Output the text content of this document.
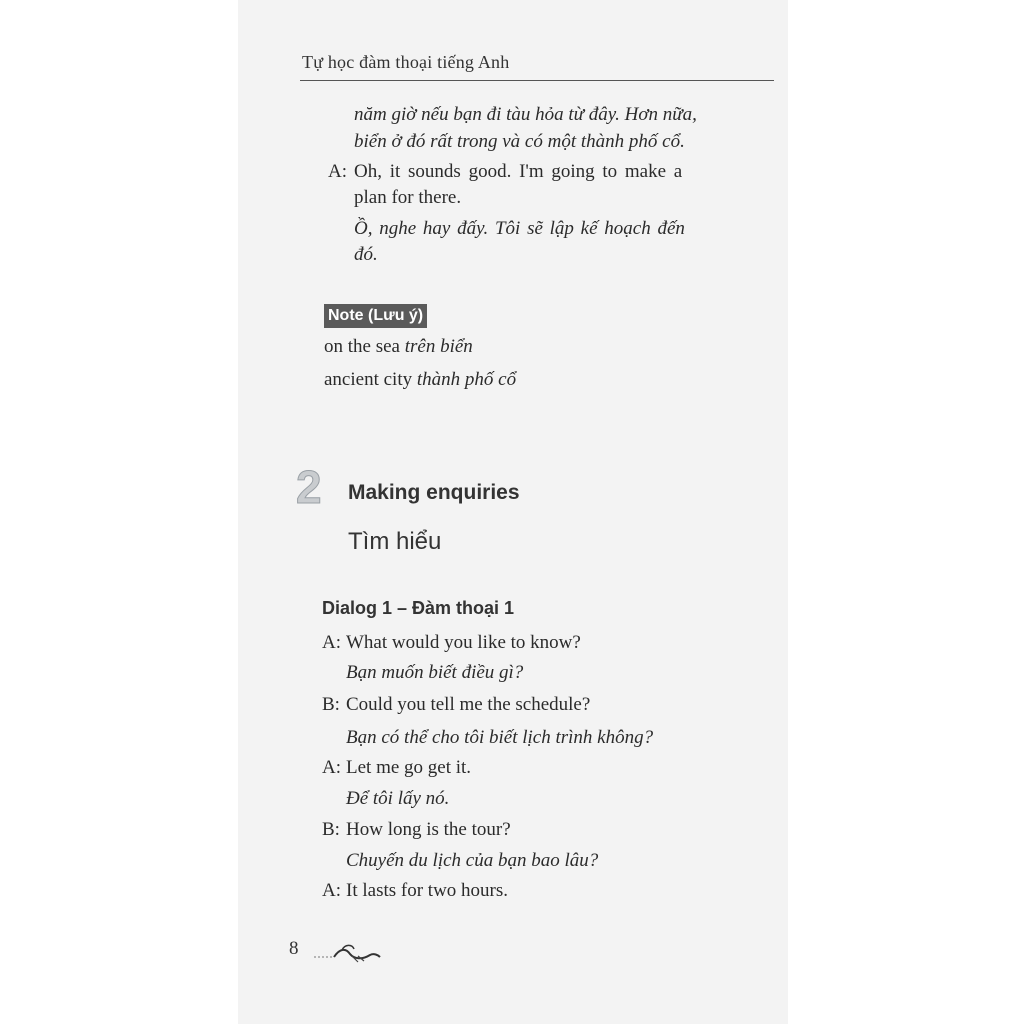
Tự học đàm thoại tiếng Anh
năm giờ nếu bạn đi tàu hỏa từ đây. Hơn nữa,
biển ở đó rất trong và có một thành phố cổ.
A: Oh, it sounds good. I'm going to make a
plan for there.
Ồ, nghe hay đấy. Tôi sẽ lập kế hoạch đến
đó.
Note (Lưu ý)
on the sea trên biển
ancient city thành phố cổ
2 Making enquiries
Tìm hiểu
Dialog 1 – Đàm thoại 1
A: What would you like to know?
Bạn muốn biết điều gì?
B: Could you tell me the schedule?
Bạn có thể cho tôi biết lịch trình không?
A: Let me go get it.
Để tôi lấy nó.
B: How long is the tour?
Chuyến du lịch của bạn bao lâu?
A: It lasts for two hours.
8
